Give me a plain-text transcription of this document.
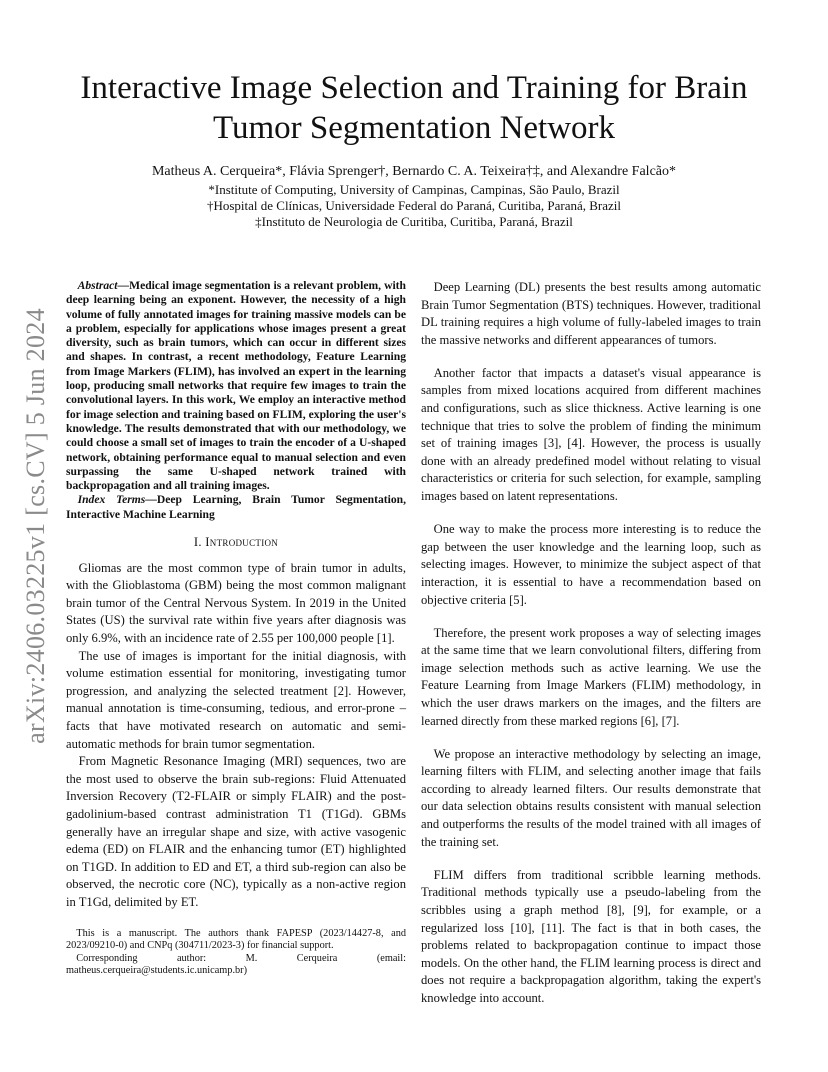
arXiv:2406.03225v1 [cs.CV] 5 Jun 2024
Interactive Image Selection and Training for Brain Tumor Segmentation Network
Matheus A. Cerqueira*, Flávia Sprenger†, Bernardo C. A. Teixeira†‡, and Alexandre Falcão*
*Institute of Computing, University of Campinas, Campinas, São Paulo, Brazil
†Hospital de Clínicas, Universidade Federal do Paraná, Curitiba, Paraná, Brazil
‡Instituto de Neurologia de Curitiba, Curitiba, Paraná, Brazil
Abstract—Medical image segmentation is a relevant problem, with deep learning being an exponent. However, the necessity of a high volume of fully annotated images for training massive models can be a problem, especially for applications whose images present a great diversity, such as brain tumors, which can occur in different sizes and shapes. In contrast, a recent methodology, Feature Learning from Image Markers (FLIM), has involved an expert in the learning loop, producing small networks that require few images to train the convolutional layers. In this work, We employ an interactive method for image selection and training based on FLIM, exploring the user's knowledge. The results demonstrated that with our methodology, we could choose a small set of images to train the encoder of a U-shaped network, obtaining performance equal to manual selection and even surpassing the same U-shaped network trained with backpropagation and all training images.
Index Terms—Deep Learning, Brain Tumor Segmentation, Interactive Machine Learning
I. Introduction

Gliomas are the most common type of brain tumor in adults, with the Glioblastoma (GBM) being the most common malignant brain tumor of the Central Nervous System. In 2019 in the United States (US) the survival rate within five years after diagnosis was only 6.9%, with an incidence rate of 2.55 per 100,000 people [1].

The use of images is important for the initial diagnosis, with volume estimation essential for monitoring, investigating tumor progression, and analyzing the selected treatment [2]. However, manual annotation is time-consuming, tedious, and error-prone – facts that have motivated research on automatic and semi-automatic methods for brain tumor segmentation.

From Magnetic Resonance Imaging (MRI) sequences, two are the most used to observe the brain sub-regions: Fluid Attenuated Inversion Recovery (T2-FLAIR or simply FLAIR) and the post-gadolinium-based contrast administration T1 (T1Gd). GBMs generally have an irregular shape and size, with active vasogenic edema (ED) on FLAIR and the enhancing tumor (ET) highlighted on T1GD. In addition to ED and ET, a third sub-region can also be observed, the necrotic core (NC), typically as a non-active region in T1Gd, delimited by ET.

This is a manuscript. The authors thank FAPESP (2023/14427-8, and 2023/09210-0) and CNPq (304711/2023-3) for financial support.

Corresponding author: M. Cerqueira (email: matheus.cerqueira@students.ic.unicamp.br)

Deep Learning (DL) presents the best results among automatic Brain Tumor Segmentation (BTS) techniques. However, traditional DL training requires a high volume of fully-labeled images to train the massive networks and different appearances of tumors.

Another factor that impacts a dataset's visual appearance is samples from mixed locations acquired from different machines and configurations, such as slice thickness. Active learning is one technique that tries to solve the problem of finding the minimum set of training images [3], [4]. However, the process is usually done with an already predefined model without relating to visual characteristics or criteria for such selection, for example, sampling images based on latent representations.

One way to make the process more interesting is to reduce the gap between the user knowledge and the learning loop, such as selecting images. However, to minimize the subject aspect of that interaction, it is essential to have a recommendation based on objective criteria [5].

Therefore, the present work proposes a way of selecting images at the same time that we learn convolutional filters, differing from image selection methods such as active learning. We use the Feature Learning from Image Markers (FLIM) methodology, in which the user draws markers on the images, and the filters are learned directly from these marked regions [6], [7].

We propose an interactive methodology by selecting an image, learning filters with FLIM, and selecting another image that fails according to already learned filters. Our results demonstrate that our data selection obtains results consistent with manual selection and outperforms the results of the model trained with all images of the training set.

FLIM differs from traditional scribble learning methods. Traditional methods typically use a pseudo-labeling from the scribbles using a graph method [8], [9], for example, or a regularized loss [10], [11]. The fact is that in both cases, the problems related to backpropagation continue to impact those models. On the other hand, the FLIM learning process is direct and does not require a backpropagation algorithm, taking the expert's knowledge into account.
